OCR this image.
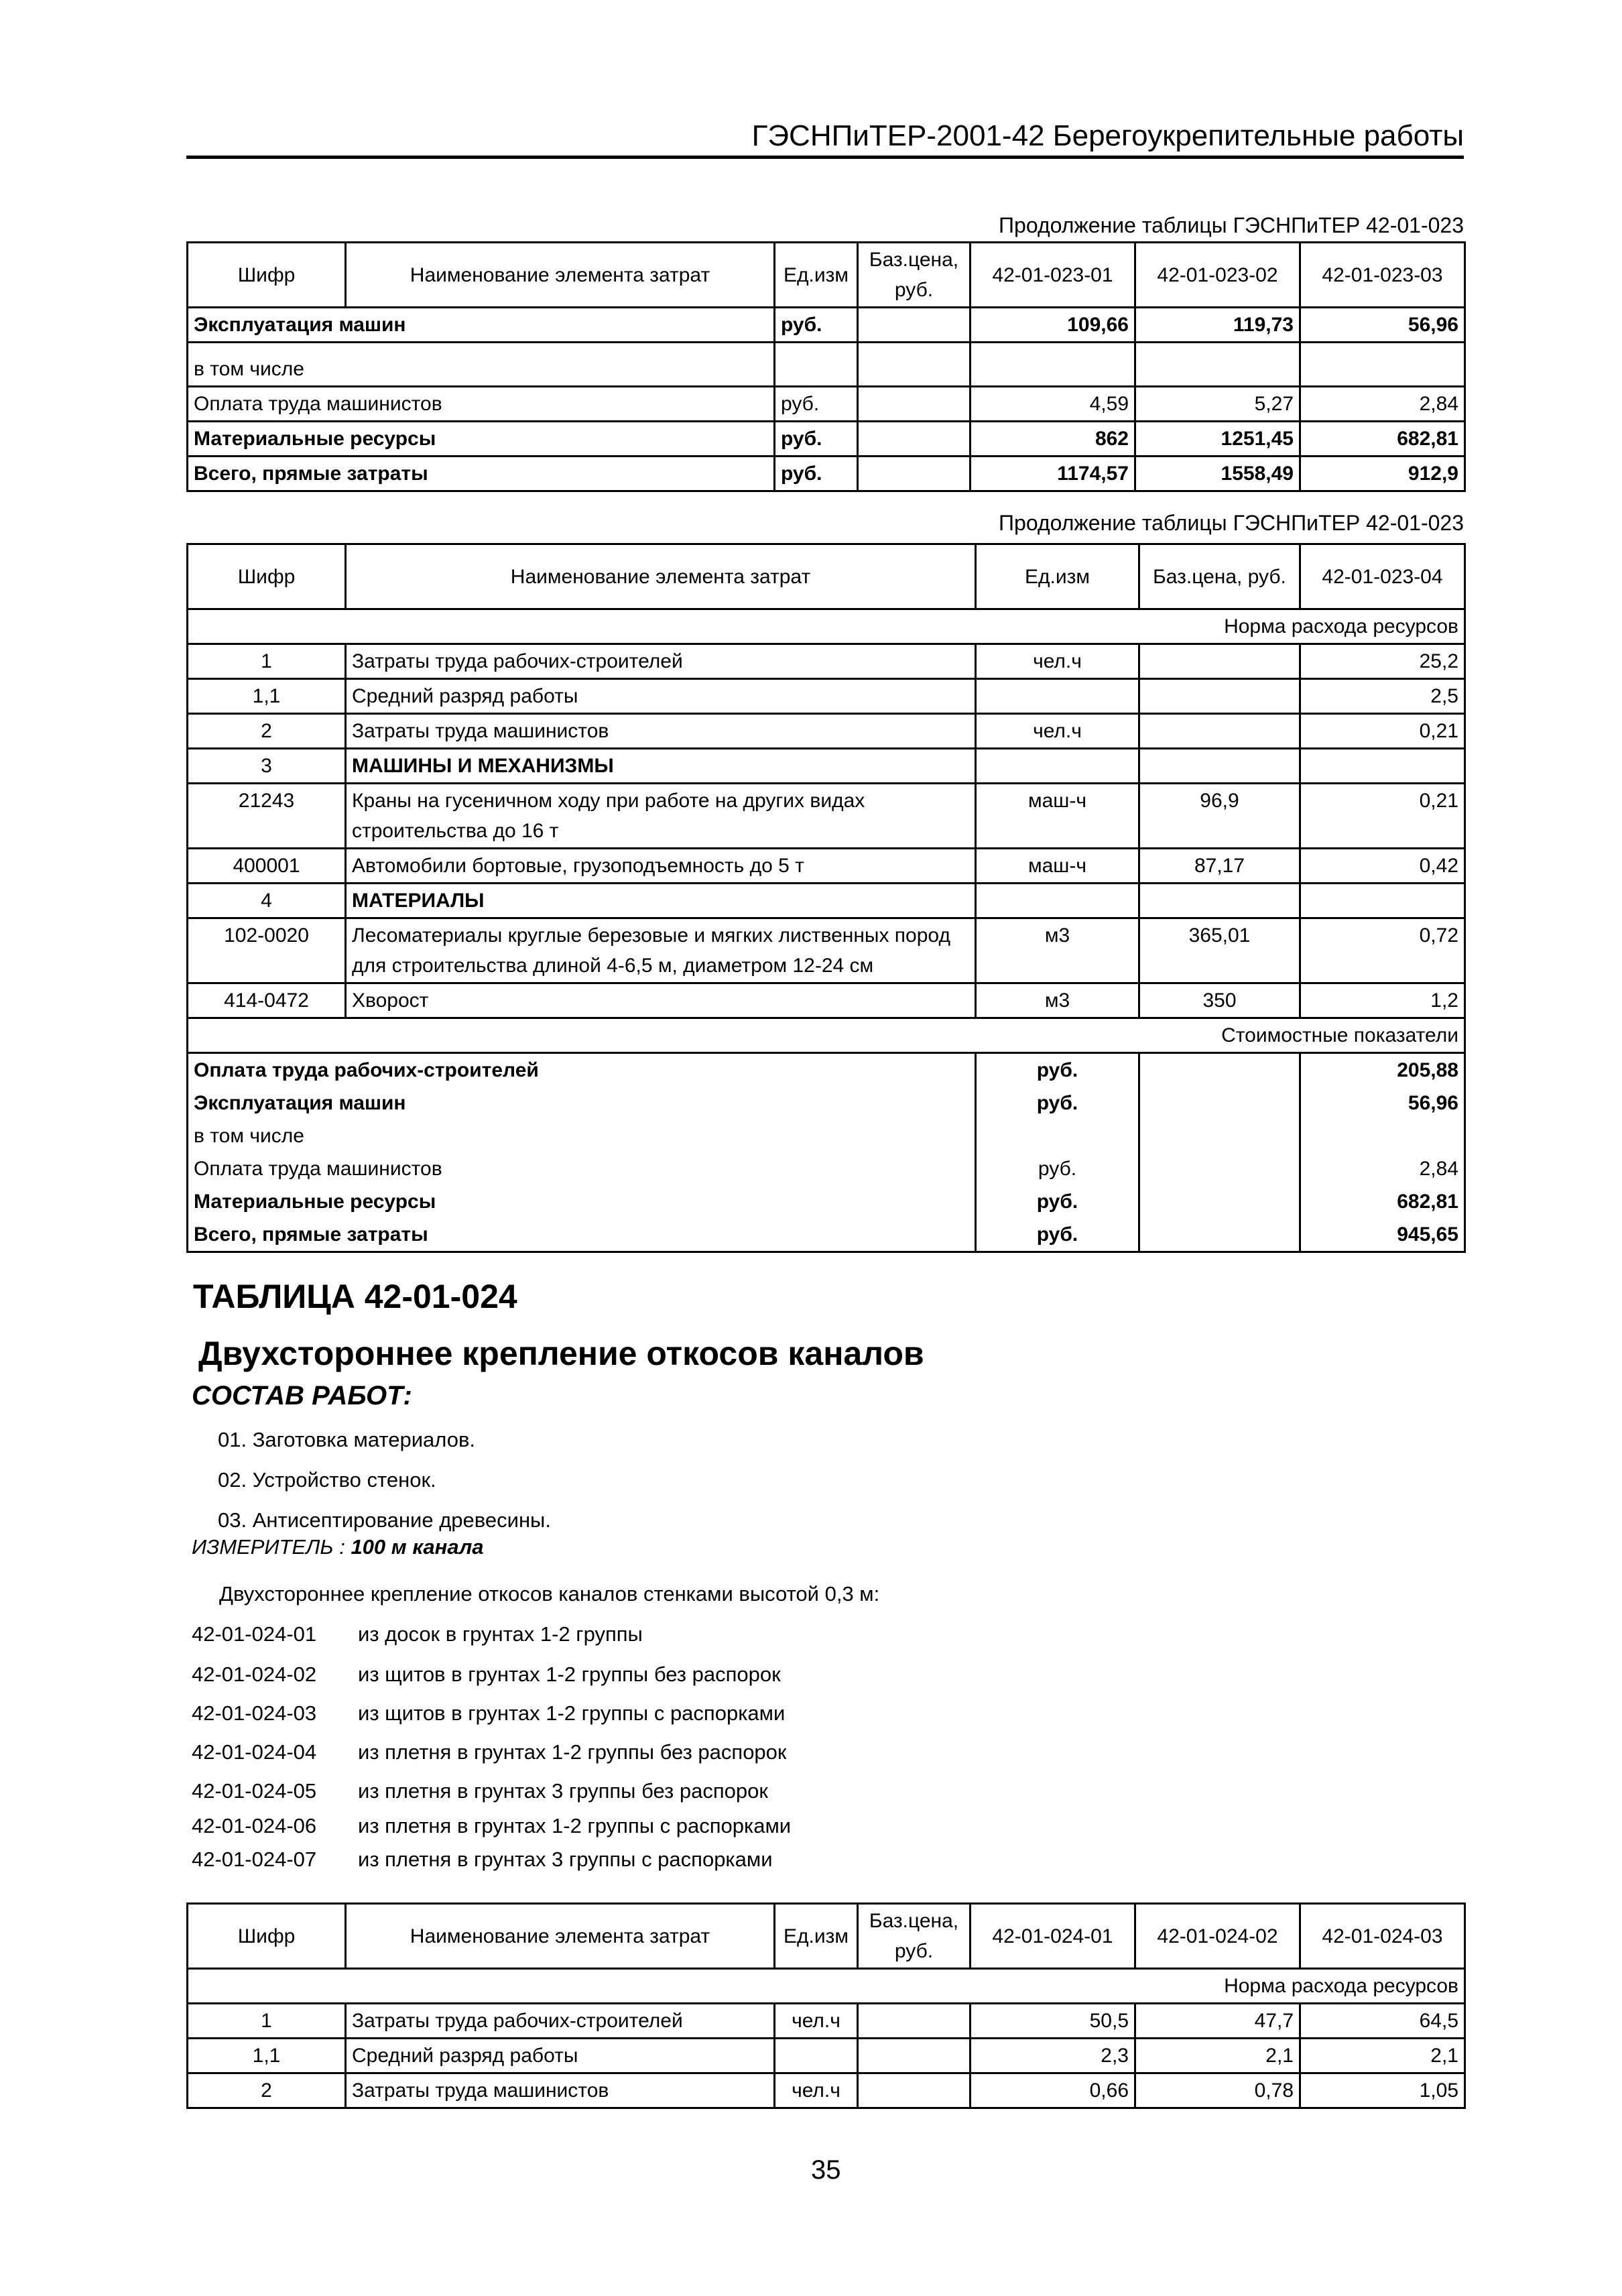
ГЭСНПиТЕР-2001-42 Берегоукрепительные работы
Продолжение таблицы ГЭСНПиТЕР 42-01-023
Шифр	Наименование элемента затрат	Ед.изм	Баз.цена, руб.	42-01-023-01	42-01-023-02	42-01-023-03
Эксплуатация машин		руб.		109,66	119,73	56,96
в том числе						
Оплата труда машинистов		руб.		4,59	5,27	2,84
Материальные ресурсы		руб.		862	1251,45	682,81
Всего, прямые затраты		руб.		1174,57	1558,49	912,9
Продолжение таблицы ГЭСНПиТЕР 42-01-023
Шифр	Наименование элемента затрат	Ед.изм	Баз.цена, руб.	42-01-023-04
Норма расхода ресурсов				
1	Затраты труда рабочих-строителей	чел.ч		25,2
1,1	Средний разряд работы			2,5
2	Затраты труда машинистов	чел.ч		0,21
3	МАШИНЫ И МЕХАНИЗМЫ			
21243	Краны на гусеничном ходу при работе на других видах строительства до 16 т	маш-ч	96,9	0,21
400001	Автомобили бортовые, грузоподъемность до 5 т	маш-ч	87,17	0,42
4	МАТЕРИАЛЫ			
102-0020	Лесоматериалы круглые березовые и мягких лиственных пород для строительства длиной 4-6,5 м, диаметром 12-24 см	м3	365,01	0,72
414-0472	Хворост	м3	350	1,2
Стоимостные показатели				
Оплата труда рабочих-строителей		руб.		205,88
Эксплуатация машин		руб.		56,96
в том числе				
Оплата труда машинистов		руб.		2,84
Материальные ресурсы		руб.		682,81
Всего, прямые затраты		руб.		945,65
ТАБЛИЦА 42-01-024
Двухстороннее крепление откосов каналов
СОСТАВ РАБОТ:
01. Заготовка материалов.
02. Устройство стенок.
03. Антисептирование древесины.
ИЗМЕРИТЕЛЬ : 100 м канала
Двухстороннее крепление откосов каналов стенками высотой 0,3 м:
42-01-024-01 из досок в грунтах 1-2 группы
42-01-024-02 из щитов в грунтах 1-2 группы без распорок
42-01-024-03 из щитов в грунтах 1-2 группы с распорками
42-01-024-04 из плетня в грунтах 1-2 группы без распорок
42-01-024-05 из плетня в грунтах 3 группы без распорок
42-01-024-06 из плетня в грунтах 1-2 группы с распорками
42-01-024-07 из плетня в грунтах 3 группы с распорками
Шифр	Наименование элемента затрат	Ед.изм	Баз.цена, руб.	42-01-024-01	42-01-024-02	42-01-024-03
Норма расхода ресурсов						
1	Затраты труда рабочих-строителей	чел.ч		50,5	47,7	64,5
1,1	Средний разряд работы			2,3	2,1	2,1
2	Затраты труда машинистов	чел.ч		0,66	0,78	1,05
35
